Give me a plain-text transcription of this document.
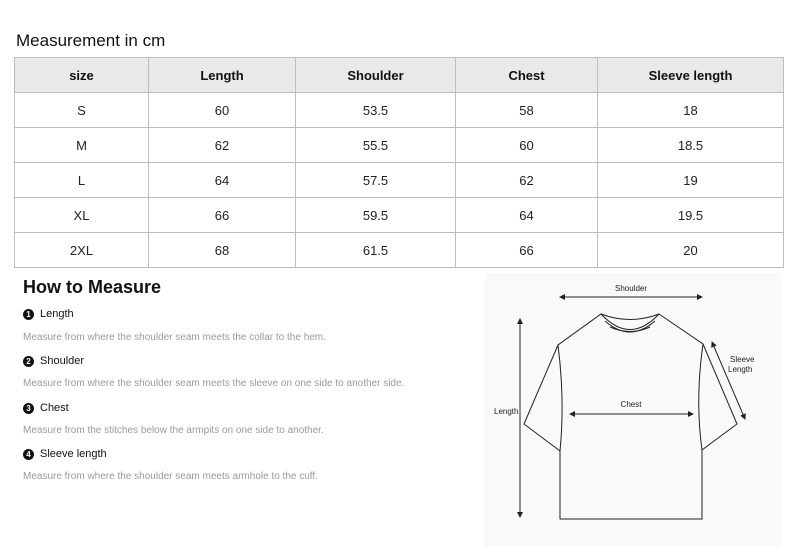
Measurement in cm
size	Length	Shoulder	Chest	Sleeve length
S	60	53.5	58	18
M	62	55.5	60	18.5
L	64	57.5	62	19
XL	66	59.5	64	19.5
2XL	68	61.5	66	20
How to Measure
1 Length
Measure from where the shoulder seam meets the collar to the hem.
2 Shoulder
Measure from where the shoulder seam meets the sleeve on one side to another side.
3 Chest
Measure from the stitches below the armpits on one side to another.
4 Sleeve length
Measure from where the shoulder seam meets armhole to the cuff.
Shoulder
Length
Chest
Sleeve
Length
